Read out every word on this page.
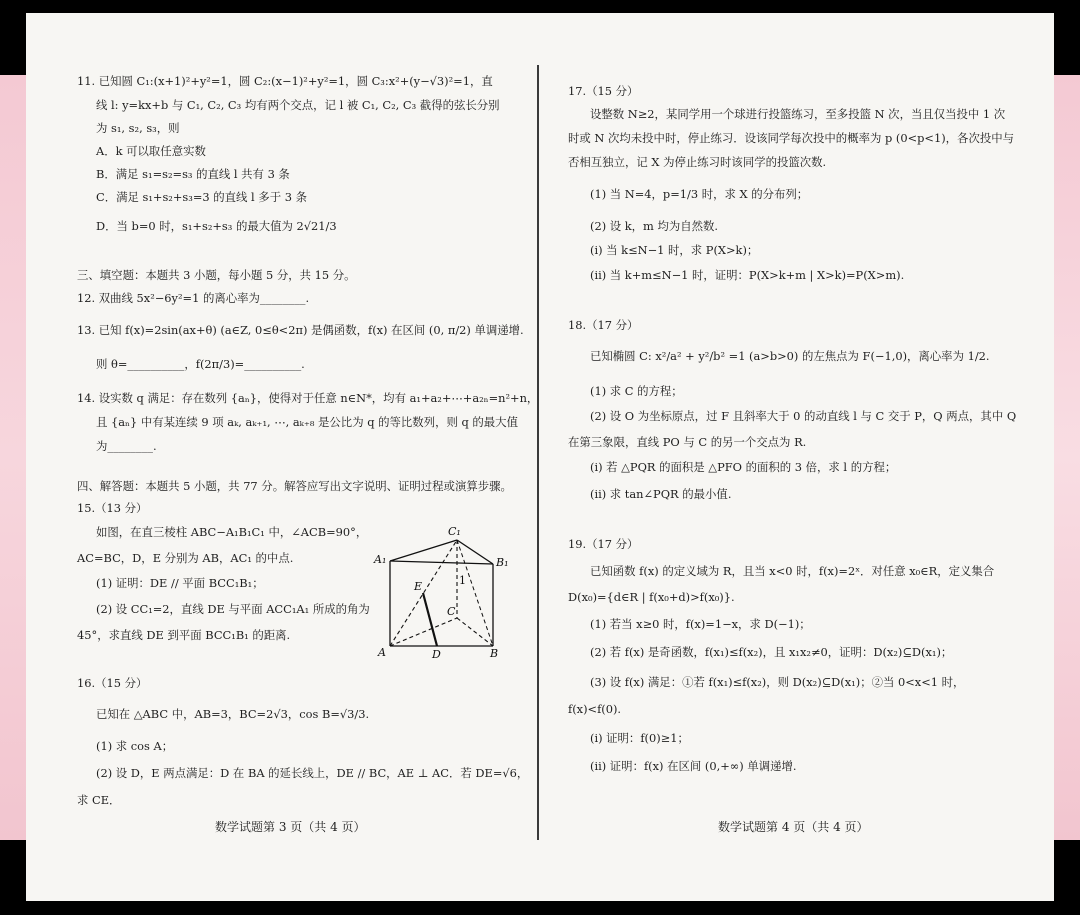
11. 已知圆 C₁:(x+1)²+y²=1，圆 C₂:(x−1)²+y²=1，圆 C₃:x²+(y−√3)²=1，直
线 l: y=kx+b 与 C₁, C₂, C₃ 均有两个交点，记 l 被 C₁, C₂, C₃ 截得的弦长分别
为 s₁, s₂, s₃，则
A．k 可以取任意实数
B．满足 s₁=s₂=s₃ 的直线 l 共有 3 条
C．满足 s₁+s₂+s₃=3 的直线 l 多于 3 条
D．当 b=0 时，s₁+s₂+s₃ 的最大值为 2√21/3
三、填空题：本题共 3 小题，每小题 5 分，共 15 分。
12. 双曲线 5x²−6y²=1 的离心率为________.
13. 已知 f(x)=2sin(ax+θ) (a∈Z, 0≤θ<2π) 是偶函数，f(x) 在区间 (0, π/2) 单调递增.
则 θ=__________，f(2π/3)=__________.
14. 设实数 q 满足：存在数列 {aₙ}，使得对于任意 n∈N*，均有 a₁+a₂+⋯+a₂ₙ=n²+n，
且 {aₙ} 中有某连续 9 项 aₖ, aₖ₊₁, ⋯, aₖ₊₈ 是公比为 q 的等比数列，则 q 的最大值
为________.
四、解答题：本题共 5 小题，共 77 分。解答应写出文字说明、证明过程或演算步骤。
15.（13 分）
如图，在直三棱柱 ABC−A₁B₁C₁ 中，∠ACB=90°，
AC=BC，D，E 分别为 AB，AC₁ 的中点.
(1) 证明：DE // 平面 BCC₁B₁；
(2) 设 CC₁=2，直线 DE 与平面 ACC₁A₁ 所成的角为
45°，求直线 DE 到平面 BCC₁B₁ 的距离.
16.（15 分）
已知在 △ABC 中，AB=3，BC=2√3，cos B=√3/3.
(1) 求 cos A；
(2) 设 D，E 两点满足：D 在 BA 的延长线上，DE // BC，AE ⊥ AC．若 DE=√6，
求 CE．
C₁
A₁	B₁
E
C
1
A	D	B
数学试题第 3 页（共 4 页）
17.（15 分）
设整数 N≥2，某同学用一个球进行投篮练习，至多投篮 N 次，当且仅当投中 1 次
时或 N 次均未投中时，停止练习．设该同学每次投中的概率为 p (0<p<1)，各次投中与
否相互独立，记 X 为停止练习时该同学的投篮次数.
(1) 当 N=4，p=1/3 时，求 X 的分布列；
(2) 设 k，m 均为自然数.
(ⅰ) 当 k≤N−1 时，求 P(X>k)；
(ⅱ) 当 k+m≤N−1 时，证明：P(X>k+m | X>k)=P(X>m).
18.（17 分）
已知椭圆 C: x²/a² + y²/b² =1 (a>b>0) 的左焦点为 F(−1,0)，离心率为 1/2.
(1) 求 C 的方程；
(2) 设 O 为坐标原点，过 F 且斜率大于 0 的动直线 l 与 C 交于 P，Q 两点，其中 Q
在第三象限，直线 PO 与 C 的另一个交点为 R.
(ⅰ) 若 △PQR 的面积是 △PFO 的面积的 3 倍，求 l 的方程；
(ⅱ) 求 tan∠PQR 的最小值.
19.（17 分）
已知函数 f(x) 的定义域为 R，且当 x<0 时，f(x)=2ˣ．对任意 x₀∈R，定义集合
D(x₀)={d∈R | f(x₀+d)>f(x₀)}.
(1) 若当 x≥0 时，f(x)=1−x，求 D(−1)；
(2) 若 f(x) 是奇函数，f(x₁)≤f(x₂)，且 x₁x₂≠0，证明：D(x₂)⊆D(x₁)；
(3) 设 f(x) 满足：①若 f(x₁)≤f(x₂)，则 D(x₂)⊆D(x₁)；②当 0<x<1 时，
f(x)<f(0).
(ⅰ) 证明：f(0)≥1；
(ⅱ) 证明：f(x) 在区间 (0,+∞) 单调递增.
数学试题第 4 页（共 4 页）
